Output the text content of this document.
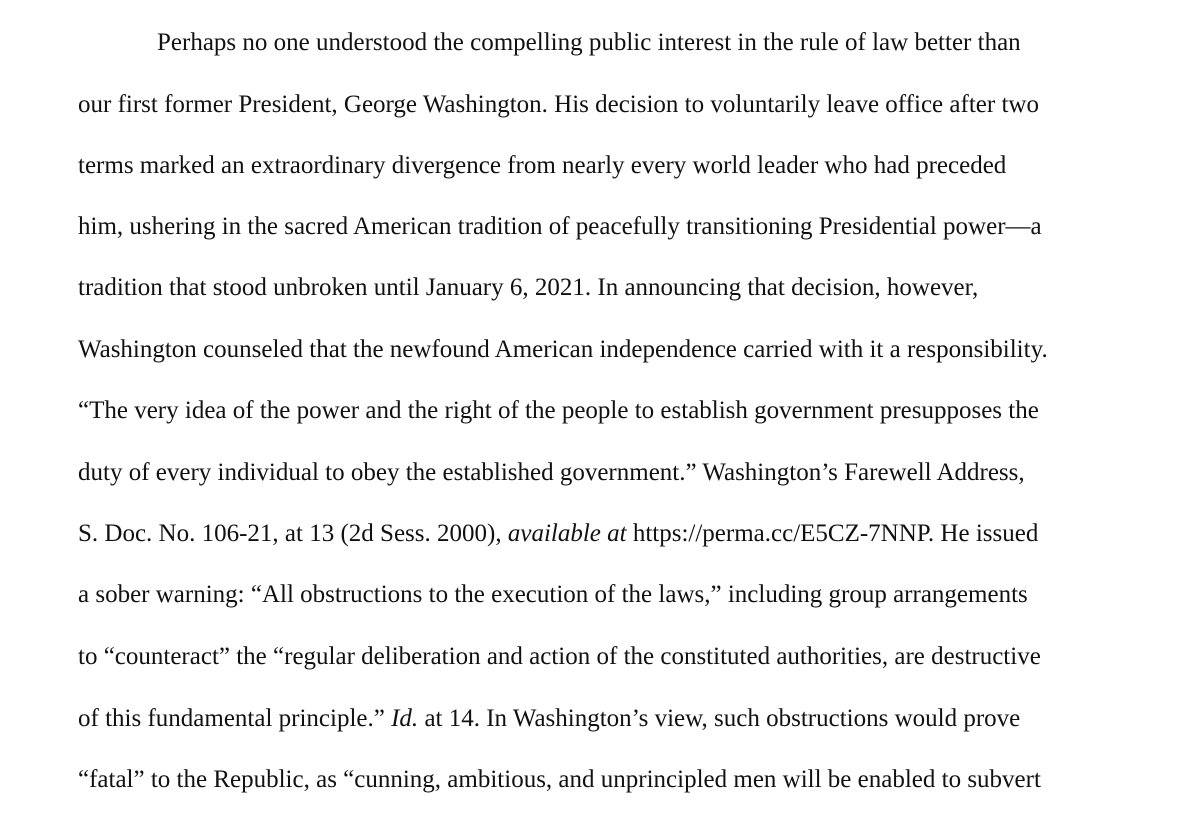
Perhaps no one understood the compelling public interest in the rule of law better than
our first former President, George Washington. His decision to voluntarily leave office after two
terms marked an extraordinary divergence from nearly every world leader who had preceded
him, ushering in the sacred American tradition of peacefully transitioning Presidential power—a
tradition that stood unbroken until January 6, 2021. In announcing that decision, however,
Washington counseled that the newfound American independence carried with it a responsibility.
“The very idea of the power and the right of the people to establish government presupposes the
duty of every individual to obey the established government.” Washington’s Farewell Address,
S. Doc. No. 106-21, at 13 (2d Sess. 2000), available at https://perma.cc/E5CZ-7NNP. He issued
a sober warning: “All obstructions to the execution of the laws,” including group arrangements
to “counteract” the “regular deliberation and action of the constituted authorities, are destructive
of this fundamental principle.” Id. at 14. In Washington’s view, such obstructions would prove
“fatal” to the Republic, as “cunning, ambitious, and unprincipled men will be enabled to subvert
